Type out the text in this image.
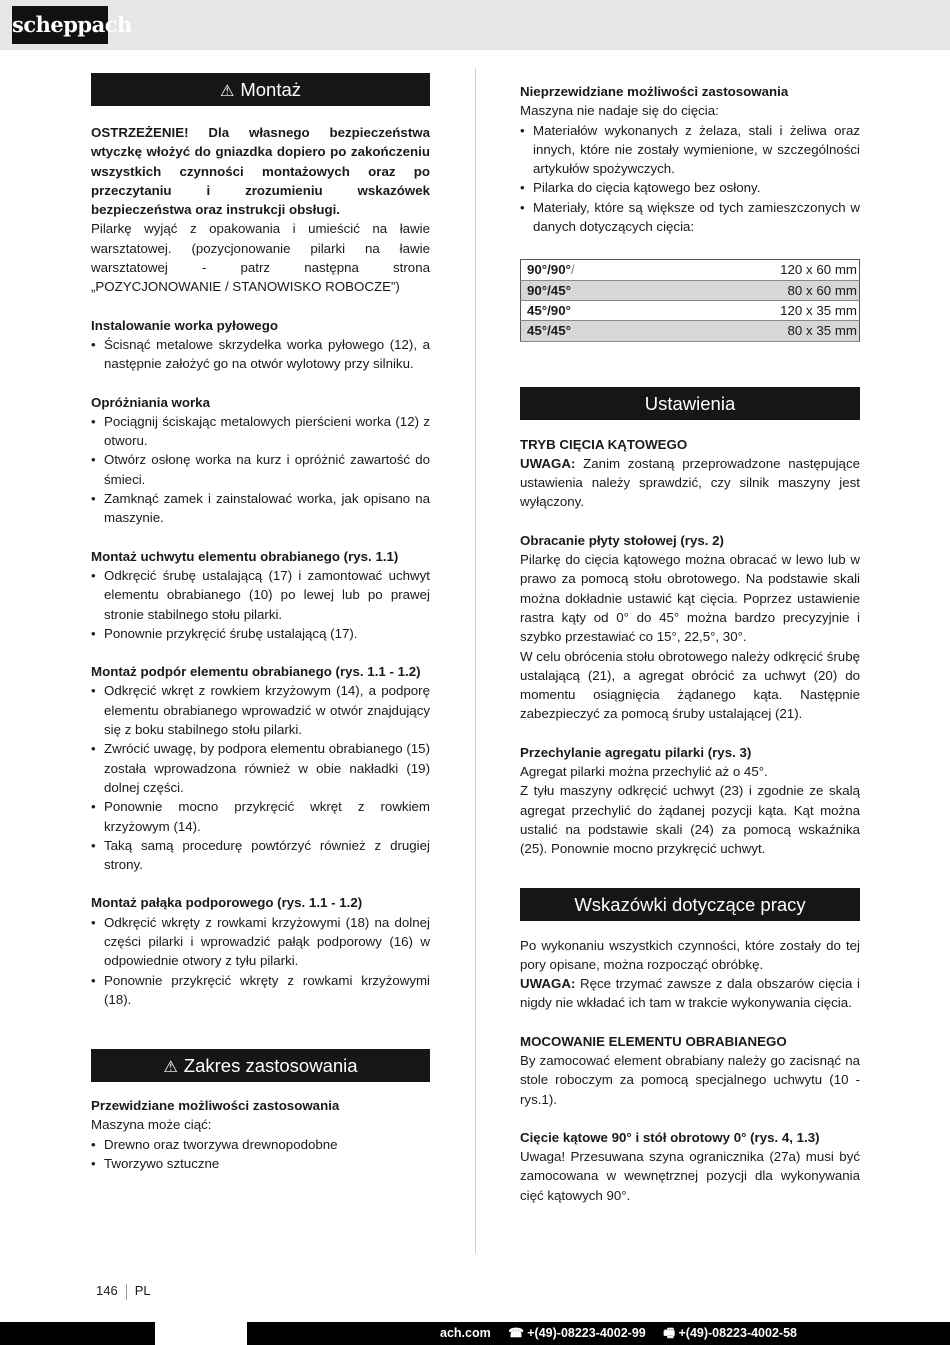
scheppach
⚠ Montaż

OSTRZEŻENIE! Dla własnego bezpieczeństwa wtyczkę włożyć do gniazdka dopiero po zakończeniu wszystkich czynności montażowych oraz po przeczytaniu i zrozumieniu wskazówek bezpieczeństwa oraz instrukcji obsługi.

Pilarkę wyjąć z opakowania i umieścić na ławie warsztatowej. (pozycjonowanie pilarki na ławie warsztatowej - patrz następna strona „POZYCJONOWANIE / STANOWISKO ROBOCZE”)

Instalowanie worka pyłowego
• Ścisnąć metalowe skrzydełka worka pyłowego (12), a następnie założyć go na otwór wylotowy przy silniku.
Opróżniania worka
• Pociągnij ściskając metalowych pierścieni worka (12) z otworu.
• Otwórz osłonę worka na kurz i opróżnić zawartość do śmieci.
• Zamknąć zamek i zainstalować worka, jak opisano na maszynie.
Montaż uchwytu elementu obrabianego (rys. 1.1)
• Odkręcić śrubę ustalającą (17) i zamontować uchwyt elementu obrabianego (10) po lewej lub po prawej stronie stabilnego stołu pilarki.
• Ponownie przykręcić śrubę ustalającą (17).
Montaż podpór elementu obrabianego (rys. 1.1 - 1.2)
• Odkręcić wkręt z rowkiem krzyżowym (14), a podporę elementu obrabianego wprowadzić w otwór znajdujący się z boku stabilnego stołu pilarki.
• Zwrócić uwagę, by podpora elementu obrabianego (15) została wprowadzona również w obie nakładki (19) dolnej części.
• Ponownie mocno przykręcić wkręt z rowkiem krzyżowym (14).
• Taką samą procedurę powtórzyć również z drugiej strony.
Montaż pałąka podporowego (rys. 1.1 - 1.2)
• Odkręcić wkręty z rowkami krzyżowymi (18) na dolnej części pilarki i wprowadzić pałąk podporowy (16) w odpowiednie otwory z tyłu pilarki.
• Ponownie przykręcić wkręty z rowkami krzyżowymi (18).
⚠ Zakres zastosowania
Przewidziane możliwości zastosowania

Maszyna może ciąć:

• Drewno oraz tworzywa drewnopodobne
• Tworzywo sztuczne
Nieprzewidziane możliwości zastosowania

Maszyna nie nadaje się do cięcia:

• Materiałów wykonanych z żelaza, stali i żeliwa oraz innych, które nie zostały wymienione, w szczególności artykułów spożywczych.
• Pilarka do cięcia kątowego bez osłony.
• Materiały, które są większe od tych zamieszczonych w danych dotyczących cięcia:
90°/90°/	120 x 60 mm
90°/45°	80 x 60 mm
45°/90°	120 x 35 mm
45°/45°	80 x 35 mm
Ustawienia
TRYB CIĘCIA KĄTOWEGO

UWAGA: Zanim zostaną przeprowadzone następujące ustawienia należy sprawdzić, czy silnik maszyny jest wyłączony.

Obracanie płyty stołowej (rys. 2)

Pilarkę do cięcia kątowego można obracać w lewo lub w prawo za pomocą stołu obrotowego. Na podstawie skali można dokładnie ustawić kąt cięcia. Poprzez ustawienie rastra kąty od 0° do 45° można bardzo precyzyjnie i szybko przestawiać co 15°, 22,5°, 30°.

W celu obrócenia stołu obrotowego należy odkręcić śrubę ustalającą (21), a agregat obrócić za uchwyt (20) do momentu osiągnięcia żądanego kąta. Następnie zabezpieczyć za pomocą śruby ustalającej (21).

Przechylanie agregatu pilarki (rys. 3)

Agregat pilarki można przechylić aż o 45°.

Z tyłu maszyny odkręcić uchwyt (23) i zgodnie ze skalą agregat przechylić do żądanej pozycji kąta. Kąt można ustalić na podstawie skali (24) za pomocą wskaźnika (25). Ponownie mocno przykręcić uchwyt.

Wskazówki dotyczące pracy

Po wykonaniu wszystkich czynności, które zostały do tej pory opisane, można rozpocząć obróbkę.

UWAGA: Ręce trzymać zawsze z dala obszarów cięcia i nigdy nie wkładać ich tam w trakcie wykonywania cięcia.

MOCOWANIE ELEMENTU OBRABIANEGO

By zamocować element obrabiany należy go zacisnąć na stole roboczym za pomocą specjalnego uchwytu (10 - rys.1).

Cięcie kątowe 90° i stół obrotowy 0° (rys. 4, 1.3)

Uwaga! Przesuwana szyna ogranicznika (27a) musi być zamocowana w wewnętrznej pozycji dla wykonywania cięć kątowych 90°.

146 PL
ach.com ☎ +(49)-08223-4002-99 🖷 +(49)-08223-4002-58
